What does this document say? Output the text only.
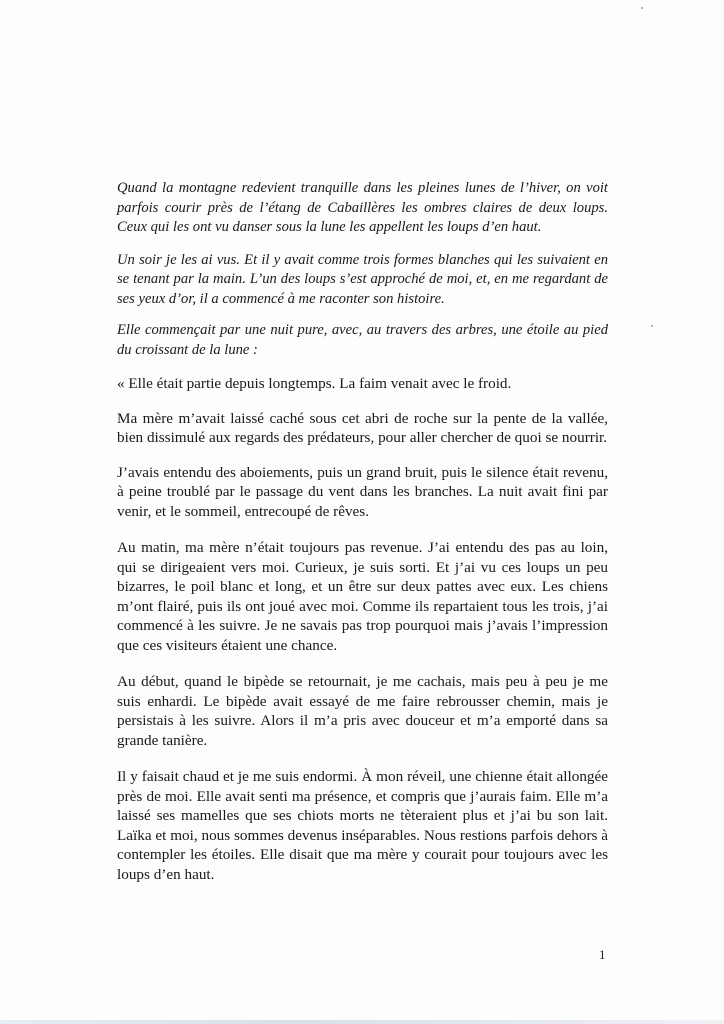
Quand la montagne redevient tranquille dans les pleines lunes de l’hiver, on voit parfois courir près de l’étang de Cabaillères les ombres claires de deux loups. Ceux qui les ont vu danser sous la lune les appellent les loups d’en haut.

Un soir je les ai vus. Et il y avait comme trois formes blanches qui les suivaient en se tenant par la main. L’un des loups s’est approché de moi, et, en me regardant de ses yeux d’or, il a commencé à me raconter son histoire.

Elle commençait par une nuit pure, avec, au travers des arbres, une étoile au pied du croissant de la lune :

« Elle était partie depuis longtemps. La faim venait avec le froid.

Ma mère m’avait laissé caché sous cet abri de roche sur la pente de la vallée, bien dissimulé aux regards des prédateurs, pour aller chercher de quoi se nourrir.

J’avais entendu des aboiements, puis un grand bruit, puis le silence était revenu, à peine troublé par le passage du vent dans les branches. La nuit avait fini par venir, et le sommeil, entrecoupé de rêves.

Au matin, ma mère n’était toujours pas revenue. J’ai entendu des pas au loin, qui se dirigeaient vers moi. Curieux, je suis sorti. Et j’ai vu ces loups un peu bizarres, le poil blanc et long, et un être sur deux pattes avec eux. Les chiens m’ont flairé, puis ils ont joué avec moi. Comme ils repartaient tous les trois, j’ai commencé à les suivre. Je ne savais pas trop pourquoi mais j’avais l’impression que ces visiteurs étaient une chance.

Au début, quand le bipède se retournait, je me cachais, mais peu à peu je me suis enhardi. Le bipède avait essayé de me faire rebrousser chemin, mais je persistais à les suivre. Alors il m’a pris avec douceur et m’a emporté dans sa grande tanière.

Il y faisait chaud et je me suis endormi. À mon réveil, une chienne était allongée près de moi. Elle avait senti ma présence, et compris que j’aurais faim. Elle m’a laissé ses mamelles que ses chiots morts ne tèteraient plus et j’ai bu son lait. Laïka et moi, nous sommes devenus inséparables. Nous restions parfois dehors à contempler les étoiles. Elle disait que ma mère y courait pour toujours avec les loups d’en haut.

1
